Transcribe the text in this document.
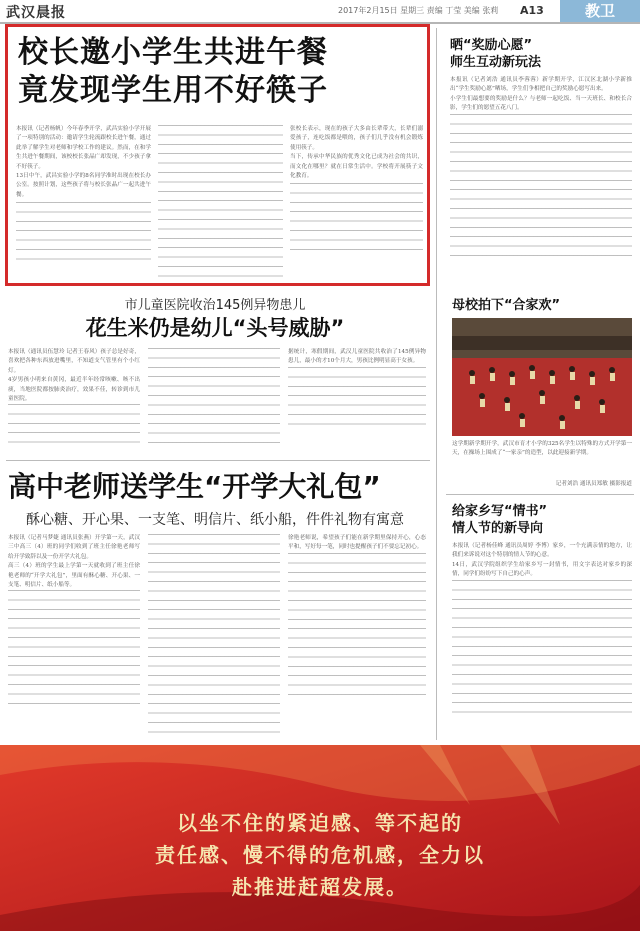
武汉晨报	2017年2月15日 星期三 责编 丁莹 美编 张莉 A13	教卫
校长邀小学生共进午餐
竟发现学生用不好筷子
本报讯（记者杨帆）今年春季开学，武昌实验小学开展了一项特别的活动：邀请学生轮流跟校长进午餐，通过此举了解学生对老师和学校工作的建议。然而，在和学生共进午餐期间，该校校长张晶广却发现，不少孩子拿不好筷子。
13日中午，武昌实验小学的8名同学准时出现在校长办公室。按照计划，这些孩子将与校长张晶广一起共进午餐。
张校长表示，现在的孩子大多由长辈带大，长辈们溺爱孩子，连吃饭都是喂的，孩子们几乎没有机会锻炼使用筷子。
当下，传承中华民族的优秀文化已成为社会的共识，而文化在哪里？就在日常生活中。学校将开展筷子文化教育。
市儿童医院收治145例异物患儿
花生米仍是幼儿“头号威胁”
本报讯（通讯员伍慧玲 记者王春风）孩子总是好奇，喜欢把各种东西放进嘴里，不知道支气管里有个小红灯。
4岁男孩小明来自黄冈，最近半年经常咳嗽、咳不出痰，当地医院都按肺炎治疗，效果不佳，转诊到市儿童医院。
据统计，寒假期间，武汉儿童医院共收治了145例异物患儿，最小的才10个月大，男孩比例明显高于女孩。
高中老师送学生“开学大礼包”
酥心糖、开心果、一支笔、明信片、纸小船，件件礼物有寓意
本报讯（记者马梦婕 通讯员张燕）开学第一天，武汉三中高三（4）班的同学们收到了班主任徐艳老师写给开学致辞以及一份开学大礼包。
高三（4）班的学生最上学第一天就收到了班主任徐艳老师的“开学大礼包”，里面有酥心糖、开心果、一支笔、明信片、纸小船等。
徐艳老师说，希望孩子们能在新学期里保持开心，心态平和，写好每一笔，同时也提醒孩子们不要忘记初心。
晒“奖励心愿”
师生互动新玩法
本报讯（记者刘浩 通讯员李蓉蓉）新学期开学，江汉区北湖小学新推出“学生奖励心愿”晒场，学生们争相把自己的奖励心愿写出来。
小学生们最想要的奖励是什么？与老师一起吃饭、当一天班长、和校长合影，学生们的愿望五花八门。
母校拍下“合家欢”
这学期新学期开学，武汉市育才小学的325名学生以特殊的方式开学第一天，在操场上围成了“一家亲”的造型，以此迎接新学期。
记者刘浩 通讯员郑敏 摄影报道
给家乡写“情书”
情人节的新导向
本报讯（记者杨佳峰 通讯员周婷 李博）家乡，一个充满亲情的地方，让我们来诉说对这个特别的情人节的心意。
14日，武汉学院组织学生给家乡写一封情书，用文字表达对家乡的深情，同学们纷纷写下自己的心声。
以坐不住的紧迫感、等不起的
责任感、慢不得的危机感，全力以
赴推进赶超发展。
